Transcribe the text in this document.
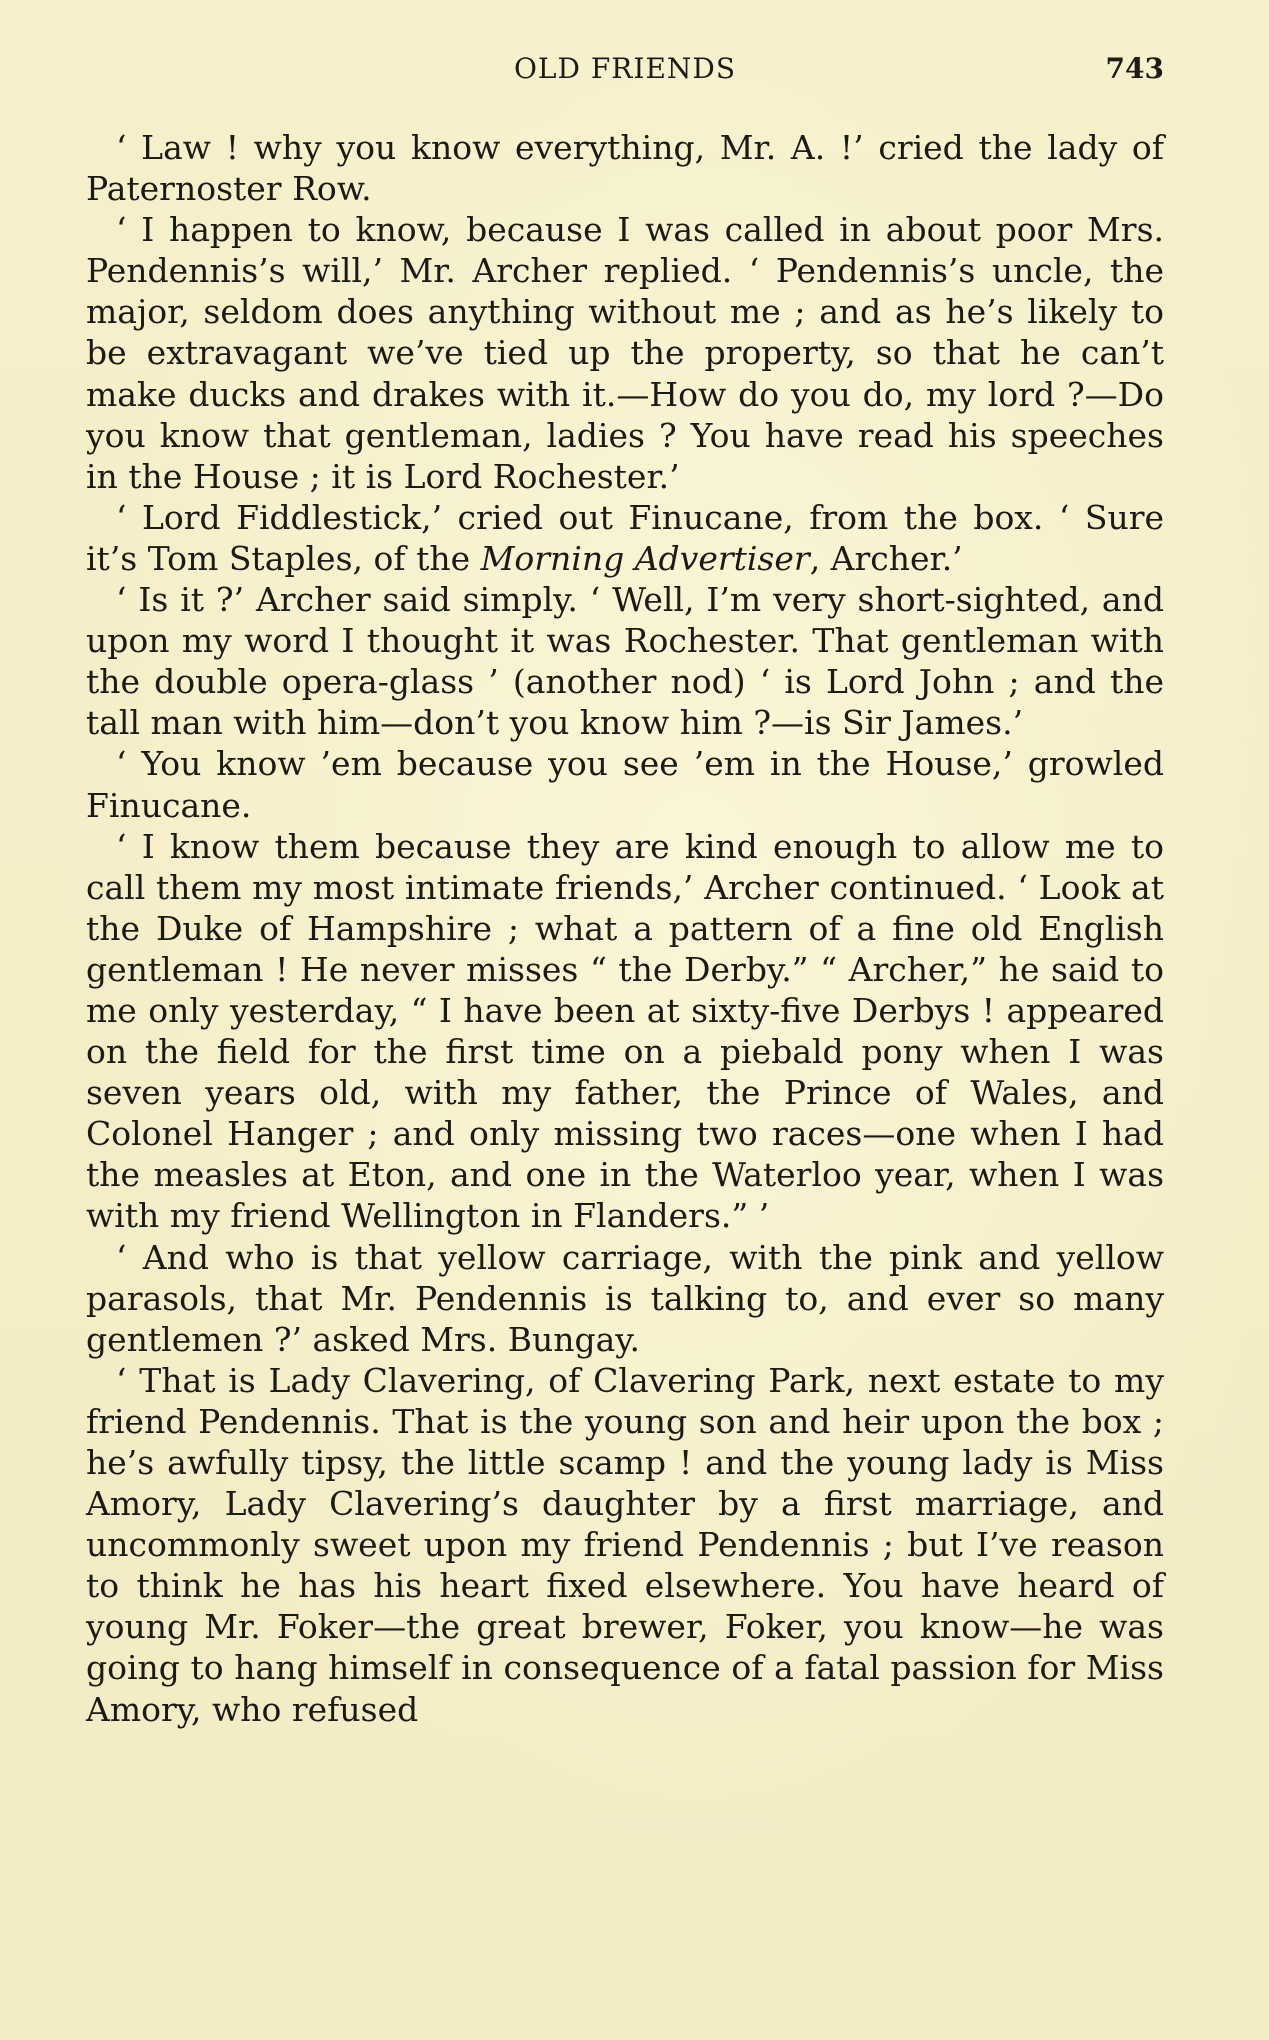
OLD FRIENDS	743

‘ Law ! why you know everything, Mr. A. !’ cried the lady of Paternoster Row.

‘ I happen to know, because I was called in about poor Mrs. Pendennis’s will,’ Mr. Archer replied. ‘ Pendennis’s uncle, the major, seldom does anything without me ; and as he’s likely to be extravagant we’ve tied up the property, so that he can’t make ducks and drakes with it.—How do you do, my lord ?—Do you know that gentleman, ladies ? You have read his speeches in the House ; it is Lord Rochester.’

‘ Lord Fiddlestick,’ cried out Finucane, from the box. ‘ Sure it’s Tom Staples, of the Morning Advertiser, Archer.’

‘ Is it ?’ Archer said simply. ‘ Well, I’m very short-sighted, and upon my word I thought it was Rochester. That gentleman with the double opera-glass ’ (another nod) ‘ is Lord John ; and the tall man with him—don’t you know him ?—is Sir James.’

‘ You know ’em because you see ’em in the House,’ growled Finucane.

‘ I know them because they are kind enough to allow me to call them my most intimate friends,’ Archer continued. ‘ Look at the Duke of Hampshire ; what a pattern of a fine old English gentleman ! He never misses “ the Derby.” “ Archer,” he said to me only yesterday, “ I have been at sixty-five Derbys ! appeared on the field for the first time on a piebald pony when I was seven years old, with my father, the Prince of Wales, and Colonel Hanger ; and only missing two races—one when I had the measles at Eton, and one in the Waterloo year, when I was with my friend Wellington in Flanders.” ’

‘ And who is that yellow carriage, with the pink and yellow parasols, that Mr. Pendennis is talking to, and ever so many gentlemen ?’ asked Mrs. Bungay.

‘ That is Lady Clavering, of Clavering Park, next estate to my friend Pendennis. That is the young son and heir upon the box ; he’s awfully tipsy, the little scamp ! and the young lady is Miss Amory, Lady Clavering’s daughter by a first marriage, and uncommonly sweet upon my friend Pendennis ; but I’ve reason to think he has his heart fixed elsewhere. You have heard of young Mr. Foker—the great brewer, Foker, you know—he was going to hang himself in consequence of a fatal passion for Miss Amory, who refused
